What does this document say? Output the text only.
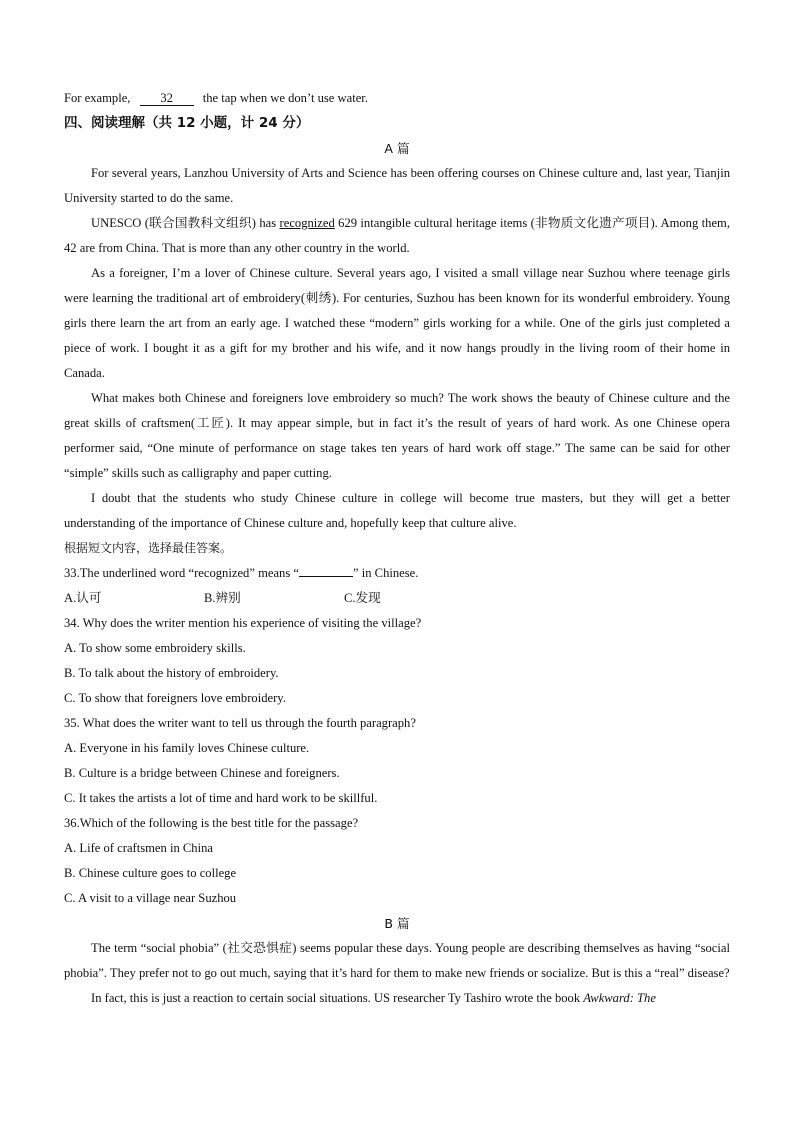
For example, 32 the tap when we don’t use water.
四、阅读理解（共 12 小题，计 24 分）
A 篇

For several years, Lanzhou University of Arts and Science has been offering courses on Chinese culture and, last year, Tianjin University started to do the same.

UNESCO (联合国教科文组织) has recognized 629 intangible cultural heritage items (非物质文化遗产项目). Among them, 42 are from China. That is more than any other country in the world.

As a foreigner, I’m a lover of Chinese culture. Several years ago, I visited a small village near Suzhou where teenage girls were learning the traditional art of embroidery(刺绣). For centuries, Suzhou has been known for its wonderful embroidery. Young girls there learn the art from an early age. I watched these “modern” girls working for a while. One of the girls just completed a piece of work. I bought it as a gift for my brother and his wife, and it now hangs proudly in the living room of their home in Canada.

What makes both Chinese and foreigners love embroidery so much? The work shows the beauty of Chinese culture and the great skills of craftsmen(工匠). It may appear simple, but in fact it’s the result of years of hard work. As one Chinese opera performer said, “One minute of performance on stage takes ten years of hard work off stage.” The same can be said for other “simple” skills such as calligraphy and paper cutting.

I doubt that the students who study Chinese culture in college will become true masters, but they will get a better understanding of the importance of Chinese culture and, hopefully keep that culture alive.

根据短文内容，选择最佳答案。
33.The underlined word “recognized” means “	” in Chinese.
A.认可	B.辨别	C.发现
34. Why does the writer mention his experience of visiting the village?
A. To show some embroidery skills.
B. To talk about the history of embroidery.
C. To show that foreigners love embroidery.
35. What does the writer want to tell us through the fourth paragraph?
A. Everyone in his family loves Chinese culture.
B. Culture is a bridge between Chinese and foreigners.
C. It takes the artists a lot of time and hard work to be skillful.
36.Which of the following is the best title for the passage?
A. Life of craftsmen in China
B. Chinese culture goes to college
C. A visit to a village near Suzhou
B 篇

The term “social phobia” (社交恐惧症) seems popular these days. Young people are describing themselves as having “social phobia”. They prefer not to go out much, saying that it’s hard for them to make new friends or socialize. But is this a “real” disease?

In fact, this is just a reaction to certain social situations. US researcher Ty Tashiro wrote the book Awkward: The
